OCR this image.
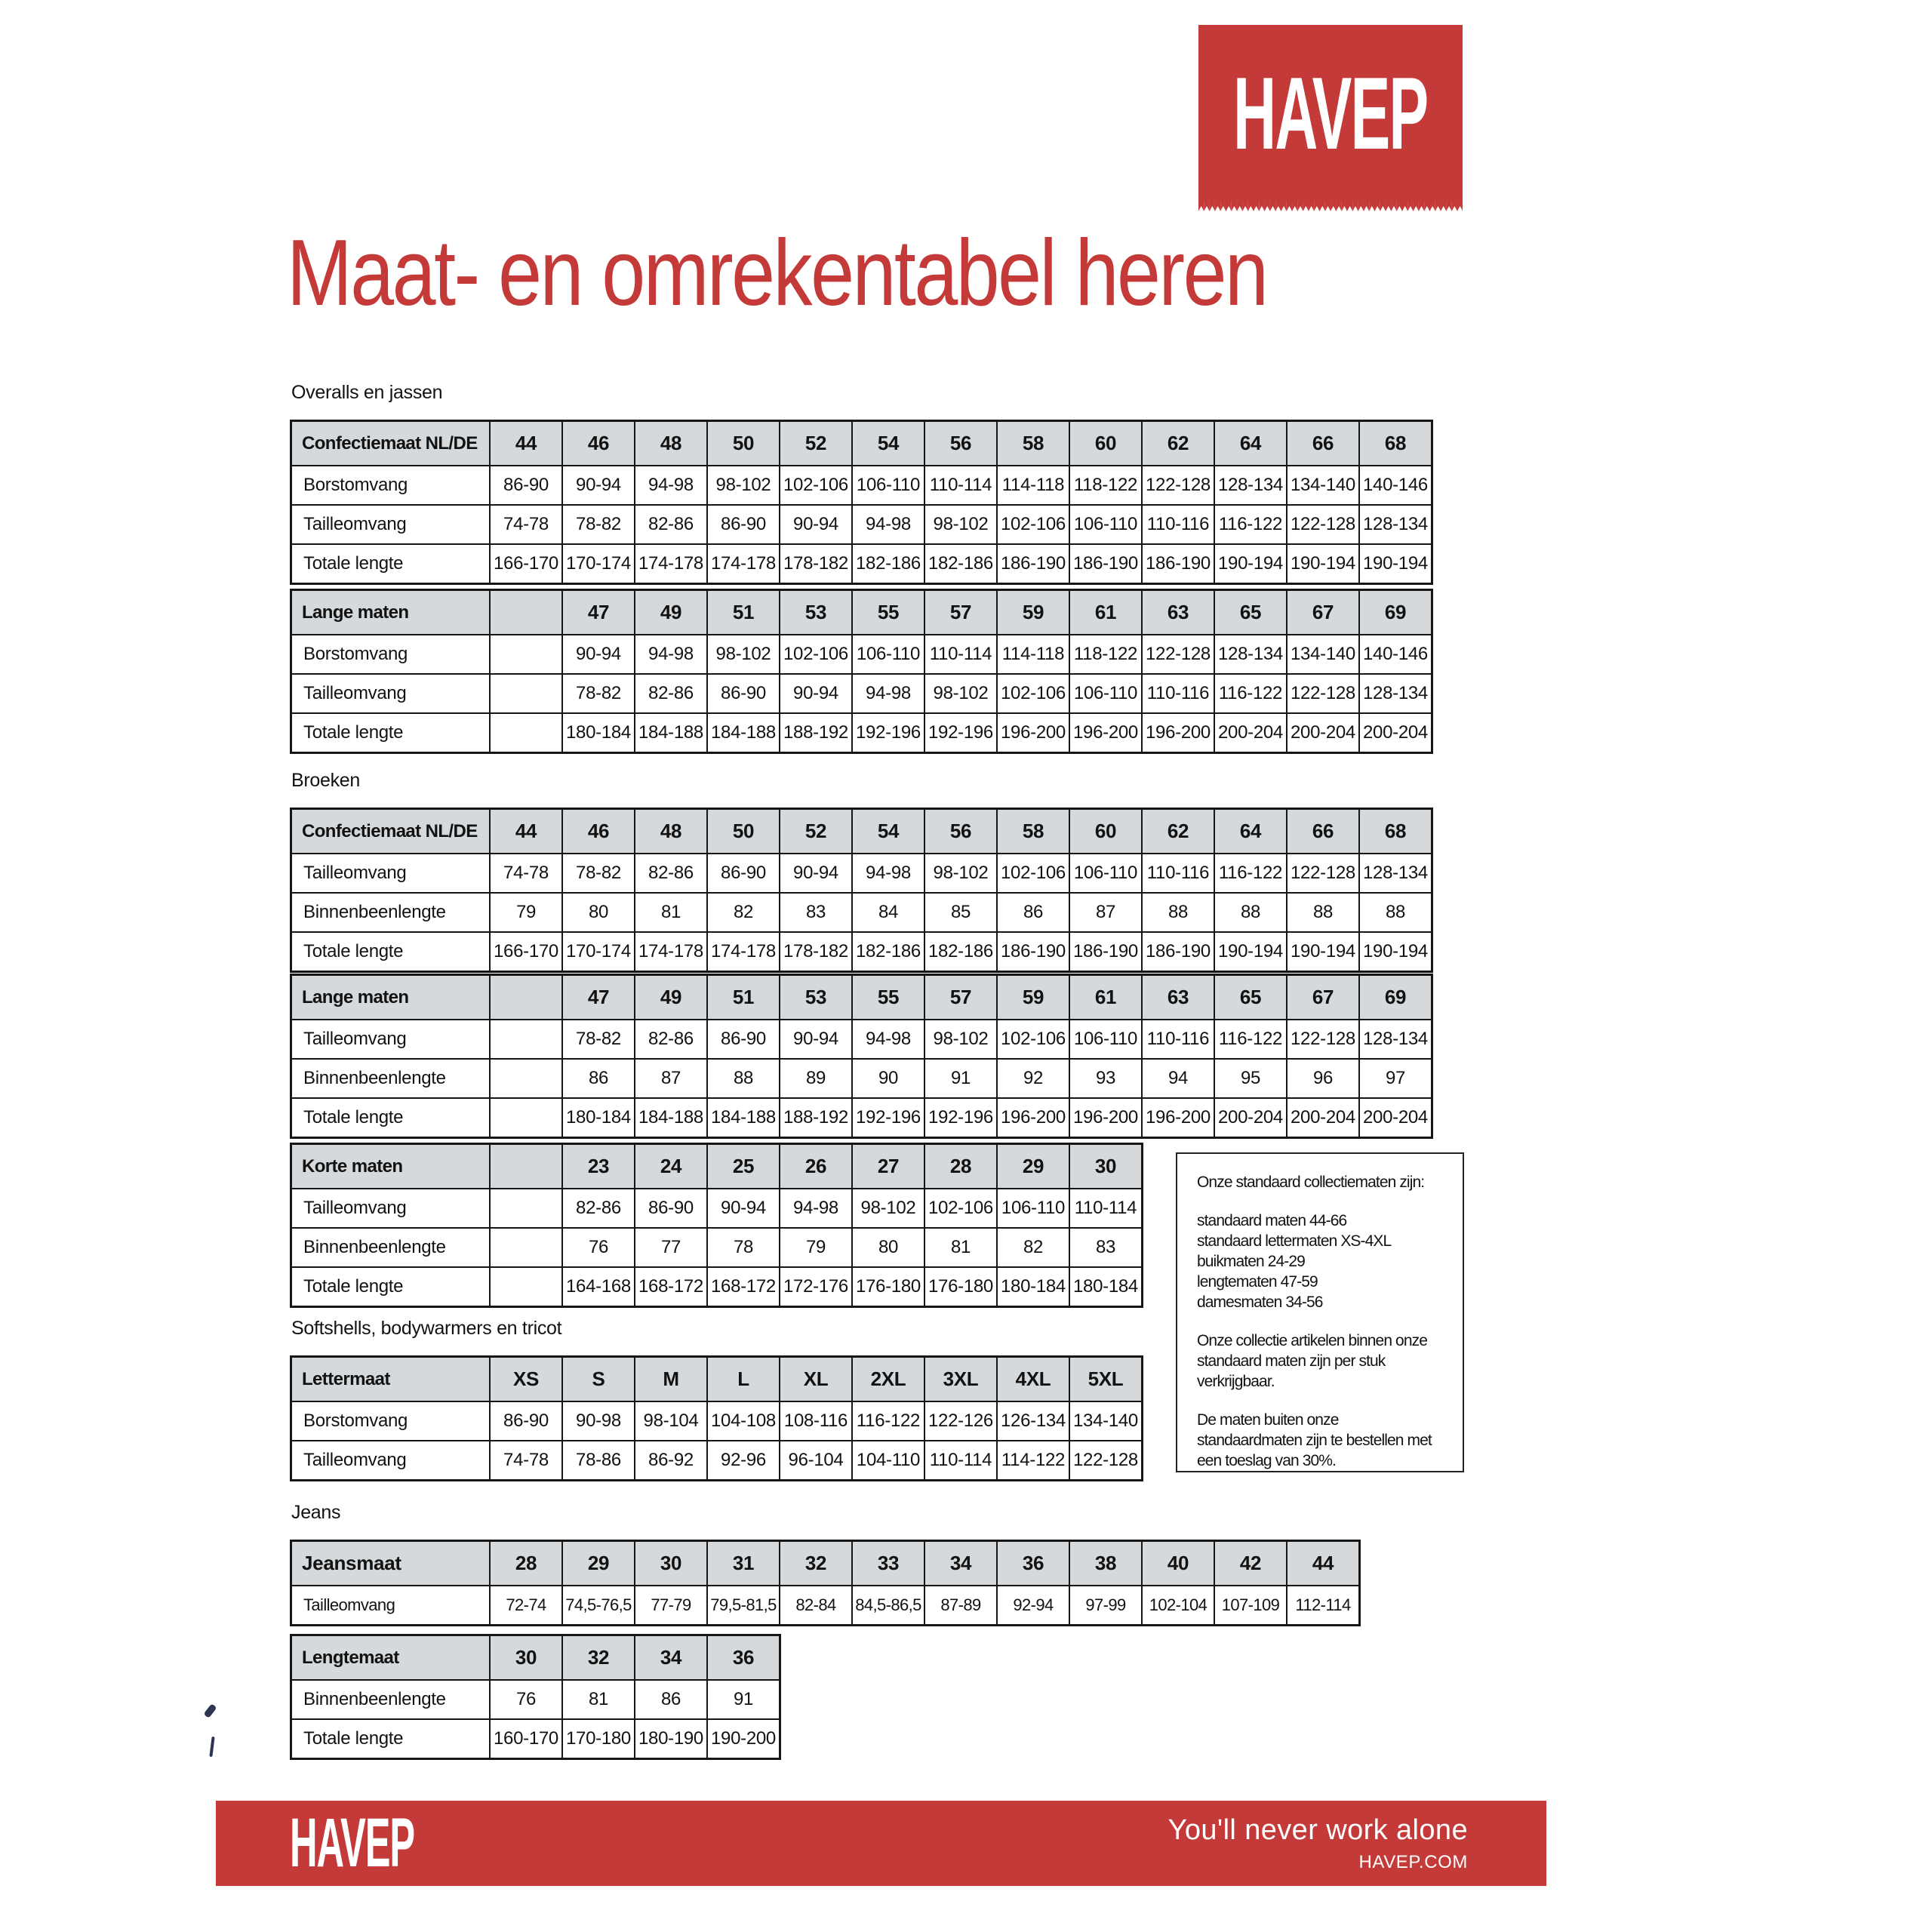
HAVEP
Maat- en omrekentabel heren
Overalls en jassen
Confectiemaat NL/DE	44	46	48	50	52	54	56	58	60	62	64	66	68
Borstomvang	86-90	90-94	94-98	98-102 102-106 106-110 110-114 114-118 118-122 122-128 128-134 134-140 140-146
Tailleomvang	74-78	78-82	82-86	86-90	90-94	94-98	98-102 102-106 106-110 110-116 116-122 122-128 128-134
Totale lengte	166-170 170-174 174-178 174-178 178-182 182-186 182-186 186-190 186-190 186-190 190-194 190-194 190-194
Lange maten	47	49	51	53	55	57	59	61	63	65	67	69
Borstomvang	90-94	94-98	98-102 102-106 106-110 110-114 114-118 118-122 122-128 128-134 134-140 140-146
Tailleomvang	78-82	82-86	86-90	90-94	94-98	98-102 102-106 106-110 110-116 116-122 122-128 128-134
Totale lengte	180-184 184-188 184-188 188-192 192-196 192-196 196-200 196-200 196-200 200-204 200-204 200-204
Broeken
Confectiemaat NL/DE	44	46	48	50	52	54	56	58	60	62	64	66	68
Tailleomvang	74-78	78-82	82-86	86-90	90-94	94-98	98-102 102-106 106-110 110-116 116-122 122-128 128-134
Binnenbeenlengte	79	80	81	82	83	84	85	86	87	88	88	88	88
Totale lengte	166-170 170-174 174-178 174-178 178-182 182-186 182-186 186-190 186-190 186-190 190-194 190-194 190-194
Lange maten	47	49	51	53	55	57	59	61	63	65	67	69
Tailleomvang	78-82	82-86	86-90	90-94	94-98	98-102 102-106 106-110 110-116 116-122 122-128 128-134
Binnenbeenlengte	86	87	88	89	90	91	92	93	94	95	96	97
Totale lengte	180-184 184-188 184-188 188-192 192-196 192-196 196-200 196-200 196-200 200-204 200-204 200-204
Korte maten	23	24	25	26	27	28	29	30
Tailleomvang	82-86	86-90	90-94	94-98	98-102 102-106 106-110 110-114
Binnenbeenlengte	76	77	78	79	80	81	82	83
Totale lengte	164-168 168-172 168-172 172-176 176-180 176-180 180-184 180-184

Onze standaard collectiematen zijn:

standaard maten 44-66
standaard lettermaten XS-4XL
buikmaten 24-29
lengtematen 47-59
damesmaten 34-56

Onze collectie artikelen binnen onze standaard maten zijn per stuk verkrijgbaar.

De maten buiten onze standaardmaten zijn te bestellen met een toeslag van 30%.

Softshells, bodywarmers en tricot
Lettermaat	XS	S	M	L	XL	2XL	3XL	4XL	5XL
Borstomvang	86-90	90-98	98-104 104-108 108-116 116-122 122-126 126-134 134-140
Tailleomvang	74-78	78-86	86-92	92-96	96-104 104-110 110-114 114-122 122-128
Jeans
Jeansmaat	28	29	30	31	32	33	34	36	38	40	42	44
Tailleomvang	72-74	74,5-76,5	77-79	79,5-81,5	82-84	84,5-86,5	87-89	92-94	97-99	102-104 107-109 112-114
Lengtemaat	30	32	34	36
Binnenbeenlengte	76	81	86	91
Totale lengte	160-170 170-180 180-190 190-200
HAVEP	You'll never work alone
HAVEP.COM
